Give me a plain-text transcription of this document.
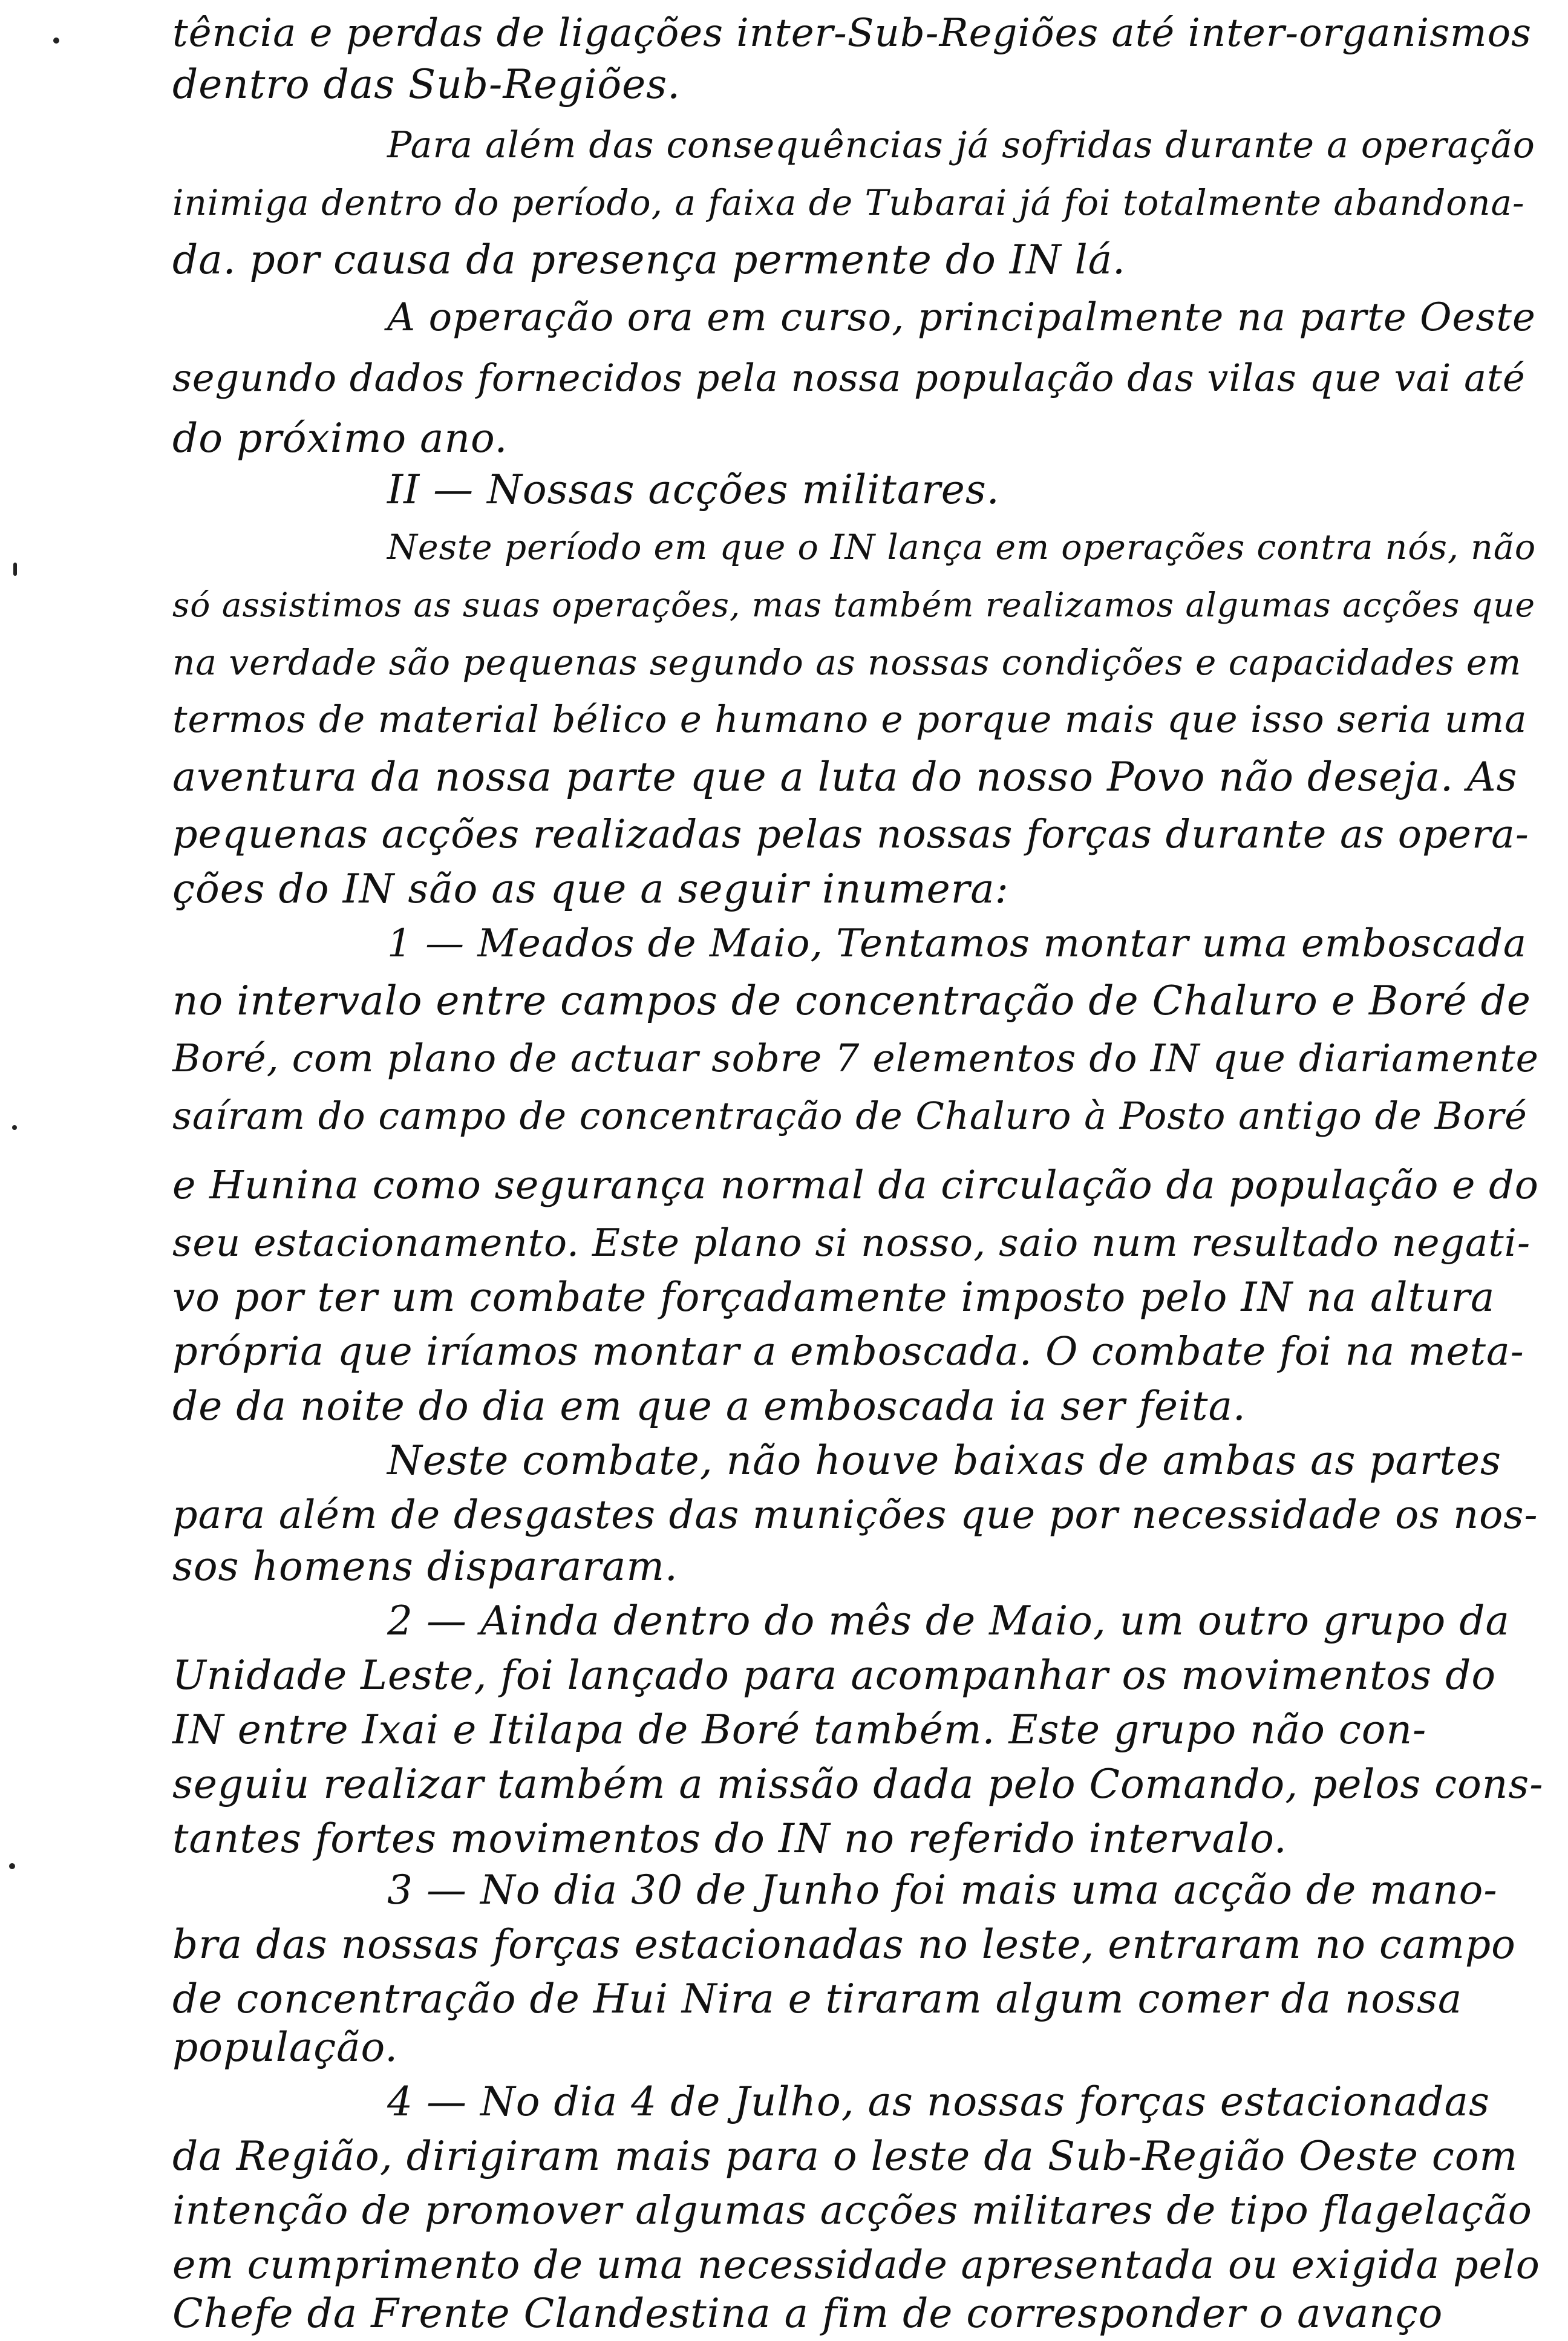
tência e perdas de ligações inter-Sub-Regiões até inter-organismos
dentro das Sub-Regiões.
Para além das consequências já sofridas durante a operação
inimiga dentro do período, a faixa de Tubarai já foi totalmente abandona-
da. por causa da presença permente do IN lá.
A operação ora em curso, principalmente na parte Oeste
segundo dados fornecidos pela nossa população das vilas que vai até
do próximo ano.
II — Nossas acções militares.
Neste período em que o IN lança em operações contra nós, não
só assistimos as suas operações, mas também realizamos algumas acções que
na verdade são pequenas segundo as nossas condições e capacidades em
termos de material bélico e humano e porque mais que isso seria uma
aventura da nossa parte que a luta do nosso Povo não deseja. As
pequenas acções realizadas pelas nossas forças durante as opera-
ções do IN são as que a seguir inumera:
1 — Meados de Maio, Tentamos montar uma emboscada
no intervalo entre campos de concentração de Chaluro e Boré de
Boré, com plano de actuar sobre 7 elementos do IN que diariamente
saíram do campo de concentração de Chaluro à Posto antigo de Boré
e Hunina como segurança normal da circulação da população e do
seu estacionamento. Este plano si nosso, saio num resultado negati-
vo por ter um combate forçadamente imposto pelo IN na altura
própria que iríamos montar a emboscada. O combate foi na meta-
de da noite do dia em que a emboscada ia ser feita.
Neste combate, não houve baixas de ambas as partes
para além de desgastes das munições que por necessidade os nos-
sos homens dispararam.
2 — Ainda dentro do mês de Maio, um outro grupo da
Unidade Leste, foi lançado para acompanhar os movimentos do
IN entre Ixai e Itilapa de Boré também. Este grupo não con-
seguiu realizar também a missão dada pelo Comando, pelos cons-
tantes fortes movimentos do IN no referido intervalo.
3 — No dia 30 de Junho foi mais uma acção de mano-
bra das nossas forças estacionadas no leste, entraram no campo
de concentração de Hui Nira e tiraram algum comer da nossa
população.
4 — No dia 4 de Julho, as nossas forças estacionadas
da Região, dirigiram mais para o leste da Sub-Região Oeste com
intenção de promover algumas acções militares de tipo flagelação
em cumprimento de uma necessidade apresentada ou exigida pelo
Chefe da Frente Clandestina a fim de corresponder o avanço
